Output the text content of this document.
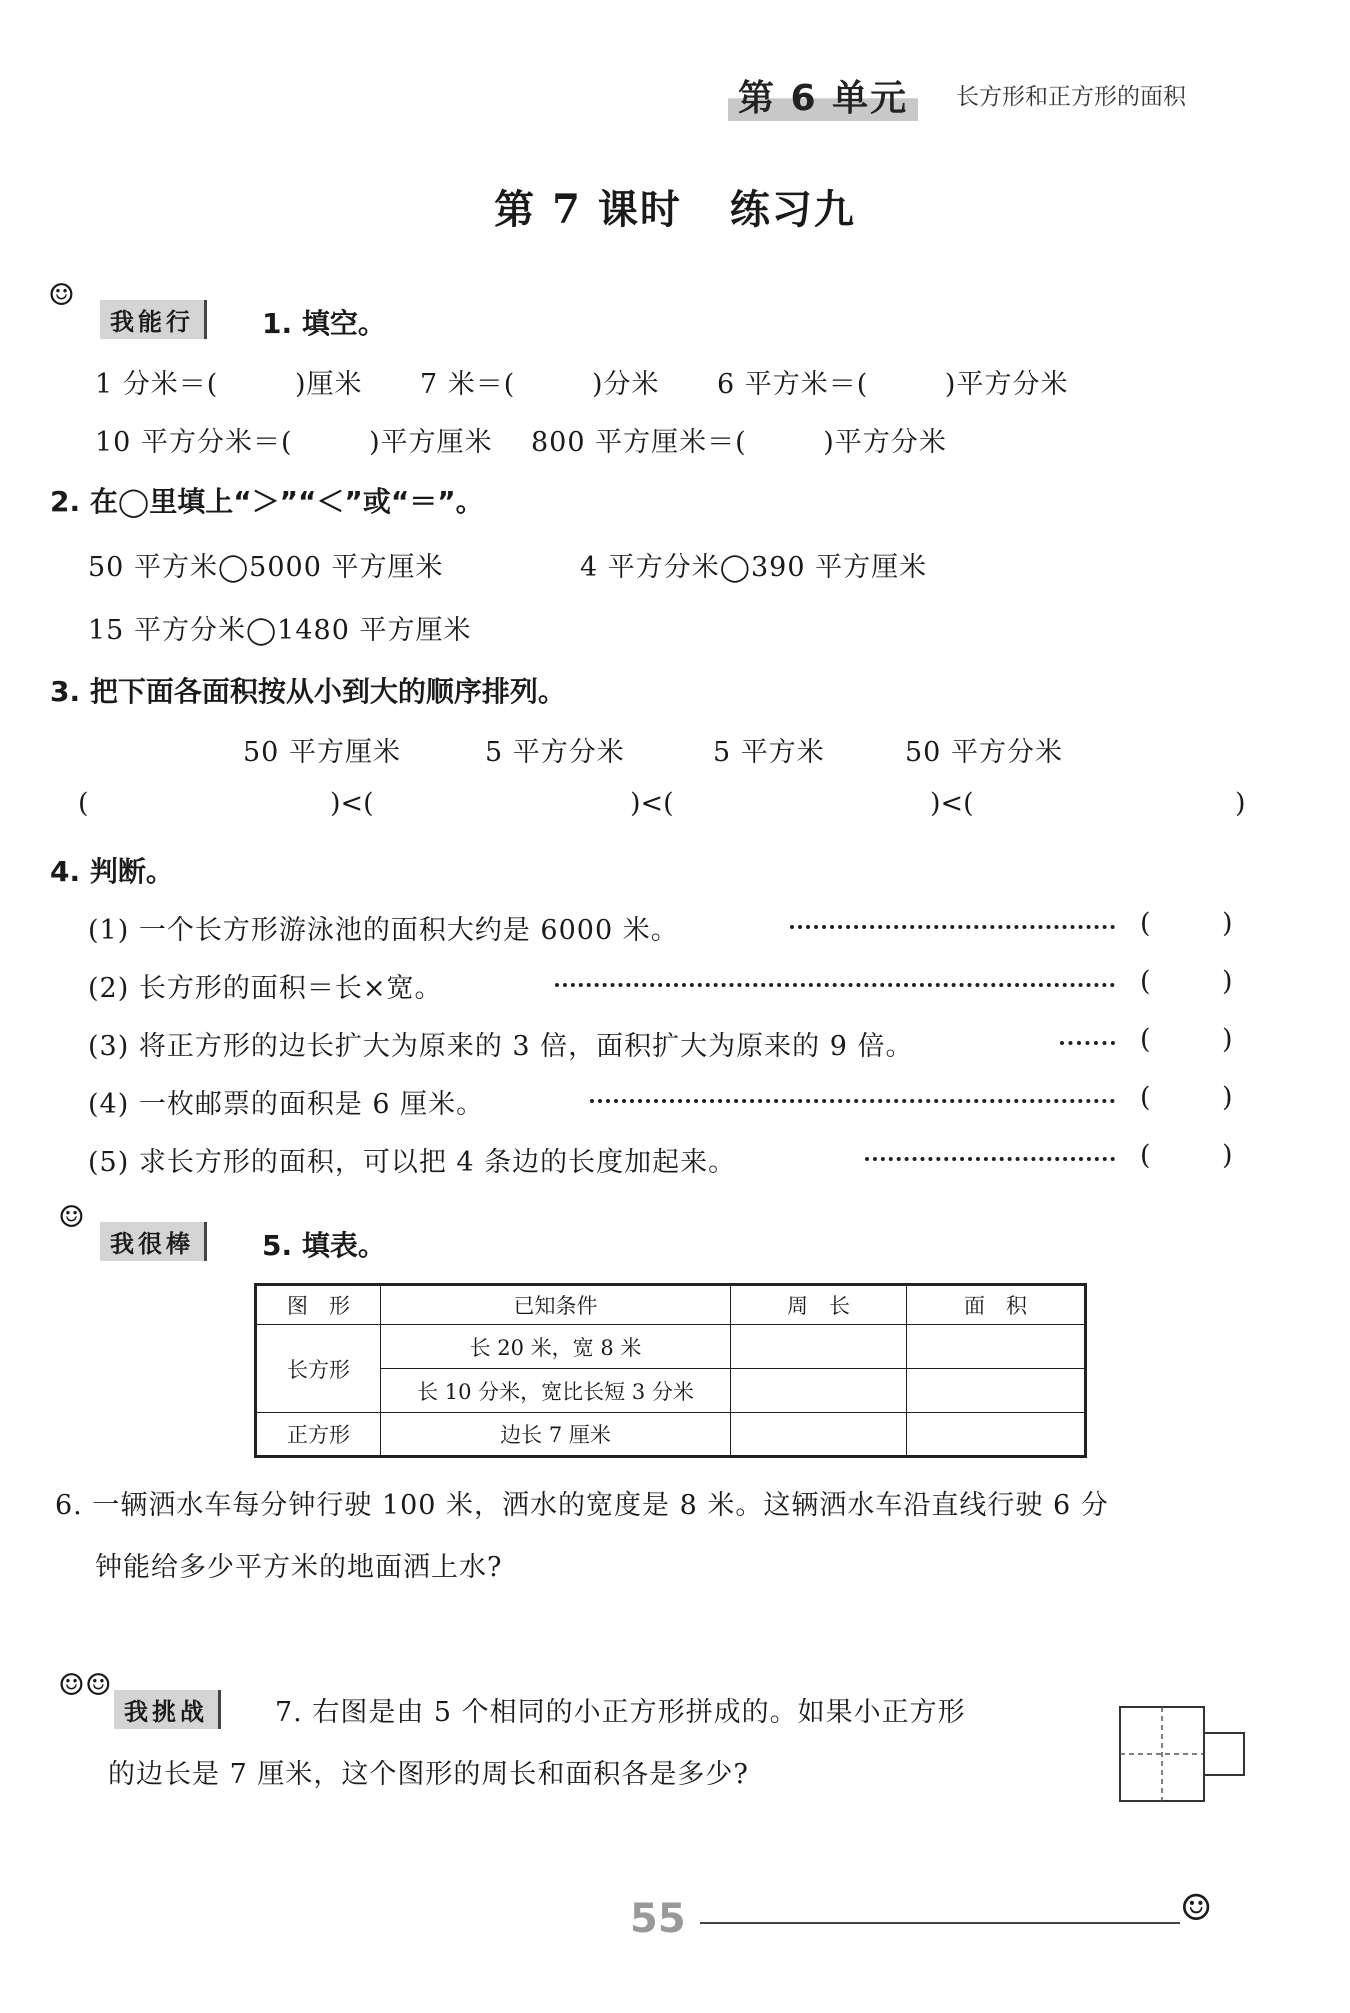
第 6 单元	长方形和正方形的面积
第 7 课时 练习九
☺
我能行	1. 填空。
1 分米＝(        )厘米      7 米＝(        )分米      6 平方米＝(        )平方分米
10 平方分米＝(        )平方厘米    800 平方厘米＝(        )平方分米
2. 在◯里填上“＞”“＜”或“＝”。
50 平方米◯5000 平方厘米	4 平方分米◯390 平方厘米
15 平方分米◯1480 平方厘米
3. 把下面各面积按从小到大的顺序排列。
50 平方厘米	5 平方分米	5 平方米	50 平方分米
(	)<(	)<(	)<(	)
4. 判断。
(1) 一个长方形游泳池的面积大约是 6000 米。	(	)
(2) 长方形的面积＝长×宽。	(	)
(3) 将正方形的边长扩大为原来的 3 倍，面积扩大为原来的 9 倍。	(	)
(4) 一枚邮票的面积是 6 厘米。	(	)
(5) 求长方形的面积，可以把 4 条边的长度加起来。	(	)
☺
我很棒	5. 填表。
图　形	已知条件	周　长	面　积
长方形	长 20 米，宽 8 米		
	长 10 分米，宽比长短 3 分米		
正方形	边长 7 厘米		
6. 一辆洒水车每分钟行驶 100 米，洒水的宽度是 8 米。这辆洒水车沿直线行驶 6 分
钟能给多少平方米的地面洒上水?
☺☺
我挑战	7. 右图是由 5 个相同的小正方形拼成的。如果小正方形
的边长是 7 厘米，这个图形的周长和面积各是多少?
55	☺
